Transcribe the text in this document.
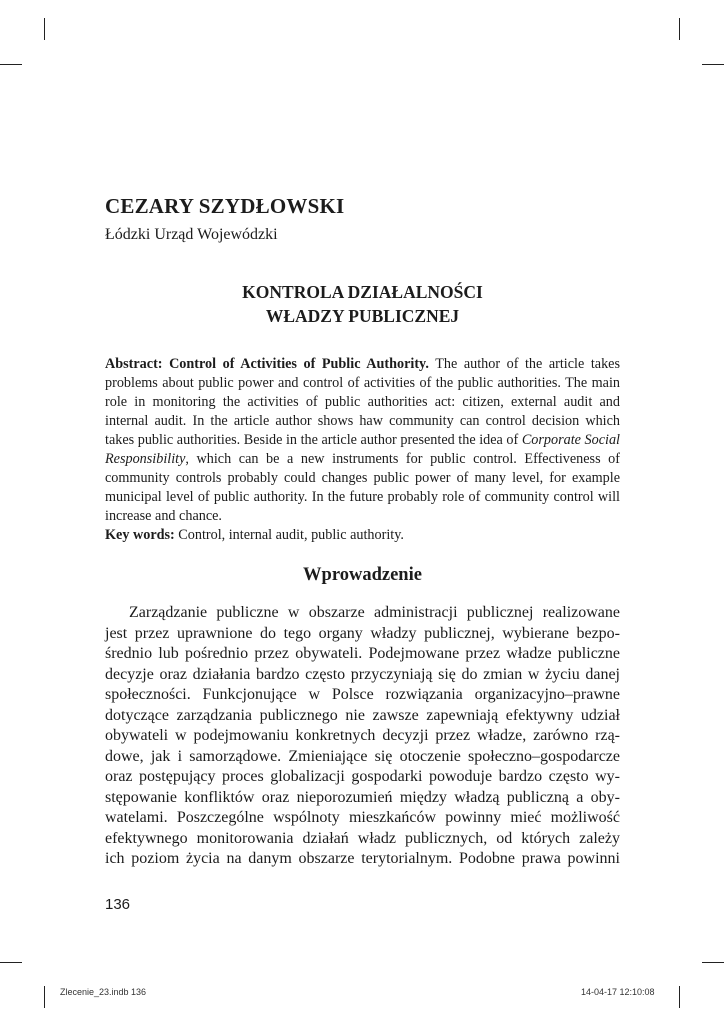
CEZARY SZYDŁOWSKI
Łódzki Urząd Wojewódzki
KONTROLA DZIAŁALNOŚCI
WŁADZY PUBLICZNEJ

Abstract: Control of Activities of Public Authority. The author of the article takes problems about public power and control of activities of the public authorities. The main role in monitoring the activities of public authorities act: citizen, external audit and internal audit. In the article author shows haw community can control decision which takes public authorities. Beside in the article author presented the idea of Corporate Social Responsibility, which can be a new instruments for public control. Effectiveness of community controls probably could changes public power of many level, for example municipal level of public authority. In the future probably role of community control will increase and chance.

Key words: Control, internal audit, public authority.

Wprowadzenie
Zarządzanie publiczne w obszarze administracji publicznej realizowane
jest przez uprawnione do tego organy władzy publicznej, wybierane bezpo-
średnio lub pośrednio przez obywateli. Podejmowane przez władze publiczne
decyzje oraz działania bardzo często przyczyniają się do zmian w życiu danej
społeczności. Funkcjonujące w Polsce rozwiązania organizacyjno–prawne
dotyczące zarządzania publicznego nie zawsze zapewniają efektywny udział
obywateli w podejmowaniu konkretnych decyzji przez władze, zarówno rzą-
dowe, jak i samorządowe. Zmieniające się otoczenie społeczno–gospodarcze
oraz postępujący proces globalizacji gospodarki powoduje bardzo często wy-
stępowanie konfliktów oraz nieporozumień między władzą publiczną a oby-
watelami. Poszczególne wspólnoty mieszkańców powinny mieć możliwość
efektywnego monitorowania działań władz publicznych, od których zależy
ich poziom życia na danym obszarze terytorialnym. Podobne prawa powinni
136
Zlecenie_23.indb 136	14-04-17 12:10:08
